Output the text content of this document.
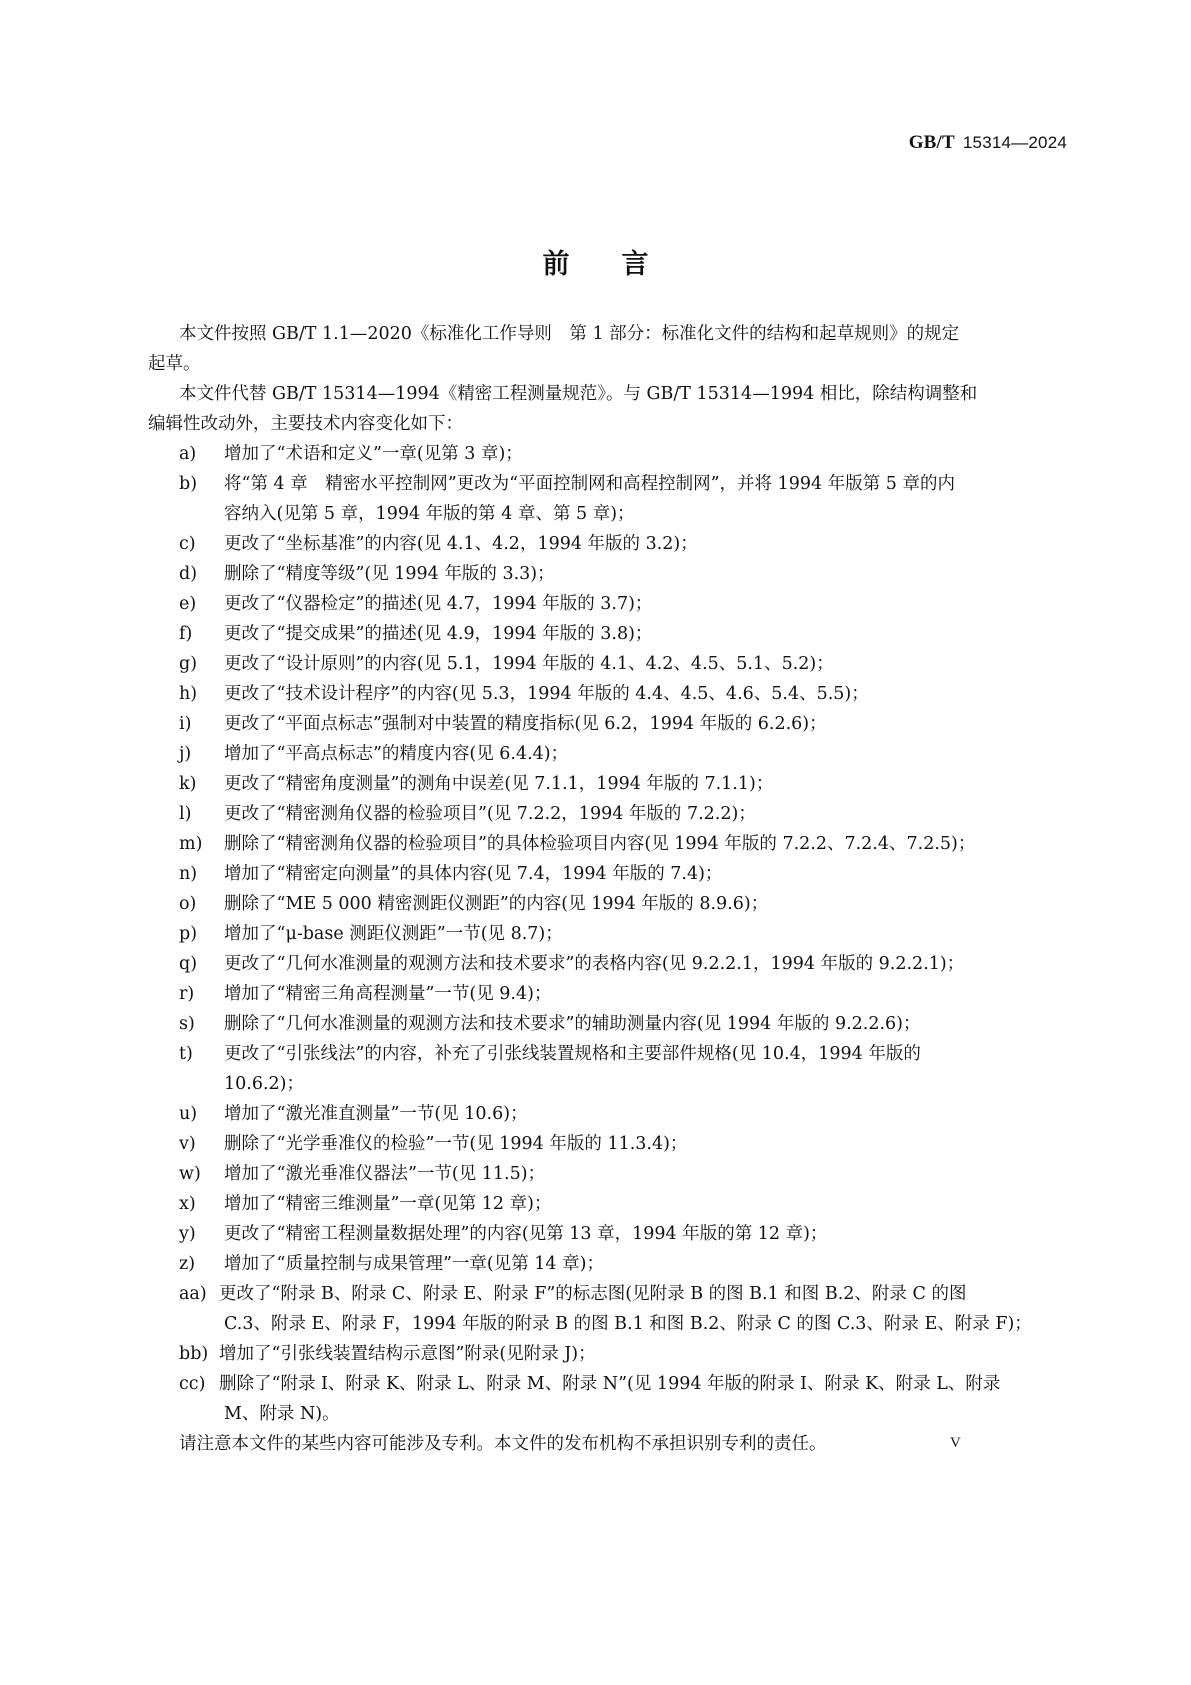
GB/T 15314—2024
前言
本文件按照 GB/T 1.1—2020《标准化工作导则　第 1 部分：标准化文件的结构和起草规则》的规定
起草。
本文件代替 GB/T 15314—1994《精密工程测量规范》。与 GB/T 15314—1994 相比，除结构调整和
编辑性改动外，主要技术内容变化如下：
a) 增加了“术语和定义”一章(见第 3 章)；
b) 将“第 4 章　精密水平控制网”更改为“平面控制网和高程控制网”，并将 1994 年版第 5 章的内
容纳入(见第 5 章，1994 年版的第 4 章、第 5 章)；
c) 更改了“坐标基准”的内容(见 4.1、4.2，1994 年版的 3.2)；
d) 删除了“精度等级”(见 1994 年版的 3.3)；
e) 更改了“仪器检定”的描述(见 4.7，1994 年版的 3.7)；
f) 更改了“提交成果”的描述(见 4.9，1994 年版的 3.8)；
g) 更改了“设计原则”的内容(见 5.1，1994 年版的 4.1、4.2、4.5、5.1、5.2)；
h) 更改了“技术设计程序”的内容(见 5.3，1994 年版的 4.4、4.5、4.6、5.4、5.5)；
i) 更改了“平面点标志”强制对中装置的精度指标(见 6.2，1994 年版的 6.2.6)；
j) 增加了“平高点标志”的精度内容(见 6.4.4)；
k) 更改了“精密角度测量”的测角中误差(见 7.1.1，1994 年版的 7.1.1)；
l) 更改了“精密测角仪器的检验项目”(见 7.2.2，1994 年版的 7.2.2)；
m) 删除了“精密测角仪器的检验项目”的具体检验项目内容(见 1994 年版的 7.2.2、7.2.4、7.2.5)；
n) 增加了“精密定向测量”的具体内容(见 7.4，1994 年版的 7.4)；
o) 删除了“ME 5 000 精密测距仪测距”的内容(见 1994 年版的 8.9.6)；
p) 增加了“μ-base 测距仪测距”一节(见 8.7)；
q) 更改了“几何水准测量的观测方法和技术要求”的表格内容(见 9.2.2.1，1994 年版的 9.2.2.1)；
r) 增加了“精密三角高程测量”一节(见 9.4)；
s) 删除了“几何水准测量的观测方法和技术要求”的辅助测量内容(见 1994 年版的 9.2.2.6)；
t) 更改了“引张线法”的内容，补充了引张线装置规格和主要部件规格(见 10.4，1994 年版的
10.6.2)；
u) 增加了“激光准直测量”一节(见 10.6)；
v) 删除了“光学垂准仪的检验”一节(见 1994 年版的 11.3.4)；
w) 增加了“激光垂准仪器法”一节(见 11.5)；
x) 增加了“精密三维测量”一章(见第 12 章)；
y) 更改了“精密工程测量数据处理”的内容(见第 13 章，1994 年版的第 12 章)；
z) 增加了“质量控制与成果管理”一章(见第 14 章)；
aa) 更改了“附录 B、附录 C、附录 E、附录 F”的标志图(见附录 B 的图 B.1 和图 B.2、附录 C 的图
C.3、附录 E、附录 F，1994 年版的附录 B 的图 B.1 和图 B.2、附录 C 的图 C.3、附录 E、附录 F)；
bb) 增加了“引张线装置结构示意图”附录(见附录 J)；
cc) 删除了“附录 I、附录 K、附录 L、附录 M、附录 N”(见 1994 年版的附录 I、附录 K、附录 L、附录
M、附录 N)。
请注意本文件的某些内容可能涉及专利。本文件的发布机构不承担识别专利的责任。	V
